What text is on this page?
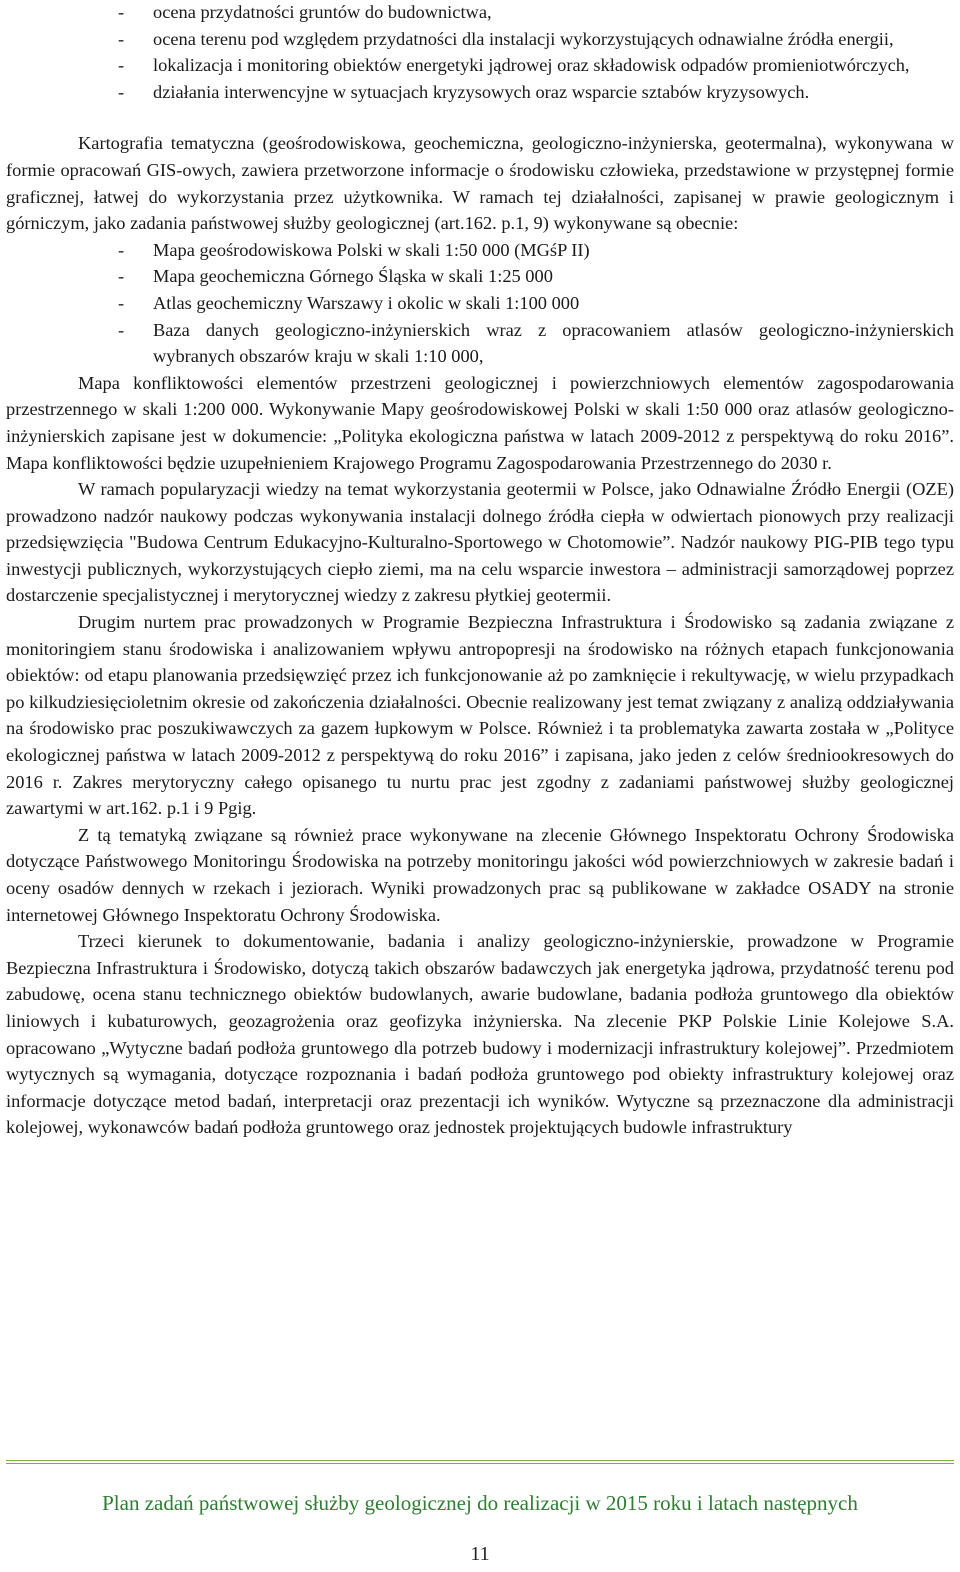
- ocena przydatności gruntów do budownictwa,
- ocena terenu pod względem przydatności dla instalacji wykorzystujących odnawialne źródła energii,
- lokalizacja i monitoring obiektów energetyki jądrowej oraz składowisk odpadów promieniotwórczych,
- działania interwencyjne w sytuacjach kryzysowych oraz wsparcie sztabów kryzysowych.

Kartografia tematyczna (geośrodowiskowa, geochemiczna, geologiczno-inżynierska, geotermalna), wykonywana w formie opracowań GIS-owych, zawiera przetworzone informacje o środowisku człowieka, przedstawione w przystępnej formie graficznej, łatwej do wykorzystania przez użytkownika. W ramach tej działalności, zapisanej w prawie geologicznym i górniczym, jako zadania państwowej służby geologicznej (art.162. p.1, 9) wykonywane są obecnie:

- Mapa geośrodowiskowa Polski w skali 1:50 000 (MGśP II)
- Mapa geochemiczna Górnego Śląska w skali 1:25 000
- Atlas geochemiczny Warszawy i okolic w skali 1:100 000
- Baza danych geologiczno-inżynierskich wraz z opracowaniem atlasów geologiczno-inżynierskich wybranych obszarów kraju w skali 1:10 000,

Mapa konfliktowości elementów przestrzeni geologicznej i powierzchniowych elementów zagospodarowania przestrzennego w skali 1:200 000. Wykonywanie Mapy geośrodowiskowej Polski w skali 1:50 000 oraz atlasów geologiczno-inżynierskich zapisane jest w dokumencie: „Polityka ekologiczna państwa w latach 2009-2012 z perspektywą do roku 2016”. Mapa konfliktowości będzie uzupełnieniem Krajowego Programu Zagospodarowania Przestrzennego do 2030 r.

W ramach popularyzacji wiedzy na temat wykorzystania geotermii w Polsce, jako Odnawialne Źródło Energii (OZE) prowadzono nadzór naukowy podczas wykonywania instalacji dolnego źródła ciepła w odwiertach pionowych przy realizacji przedsięwzięcia "Budowa Centrum Edukacyjno-Kulturalno-Sportowego w Chotomowie”. Nadzór naukowy PIG-PIB tego typu inwestycji publicznych, wykorzystujących ciepło ziemi, ma na celu wsparcie inwestora – administracji samorządowej poprzez dostarczenie specjalistycznej i merytorycznej wiedzy z zakresu płytkiej geotermii.

Drugim nurtem prac prowadzonych w Programie Bezpieczna Infrastruktura i Środowisko są zadania związane z monitoringiem stanu środowiska i analizowaniem wpływu antropopresji na środowisko na różnych etapach funkcjonowania obiektów: od etapu planowania przedsięwzięć przez ich funkcjonowanie aż po zamknięcie i rekultywację, w wielu przypadkach po kilkudziesięcioletnim okresie od zakończenia działalności. Obecnie realizowany jest temat związany z analizą oddziaływania na środowisko prac poszukiwawczych za gazem łupkowym w Polsce. Również i ta problematyka zawarta została w „Polityce ekologicznej państwa w latach 2009-2012 z perspektywą do roku 2016” i zapisana, jako jeden z celów średniookresowych do 2016 r. Zakres merytoryczny całego opisanego tu nurtu prac jest zgodny z zadaniami państwowej służby geologicznej zawartymi w art.162. p.1 i 9 Pgig.

Z tą tematyką związane są również prace wykonywane na zlecenie Głównego Inspektoratu Ochrony Środowiska dotyczące Państwowego Monitoringu Środowiska na potrzeby monitoringu jakości wód powierzchniowych w zakresie badań i oceny osadów dennych w rzekach i jeziorach. Wyniki prowadzonych prac są publikowane w zakładce OSADY na stronie internetowej Głównego Inspektoratu Ochrony Środowiska.

Trzeci kierunek to dokumentowanie, badania i analizy geologiczno-inżynierskie, prowadzone w Programie Bezpieczna Infrastruktura i Środowisko, dotyczą takich obszarów badawczych jak energetyka jądrowa, przydatność terenu pod zabudowę, ocena stanu technicznego obiektów budowlanych, awarie budowlane, badania podłoża gruntowego dla obiektów liniowych i kubaturowych, geozagrożenia oraz geofizyka inżynierska. Na zlecenie PKP Polskie Linie Kolejowe S.A. opracowano „Wytyczne badań podłoża gruntowego dla potrzeb budowy i modernizacji infrastruktury kolejowej”. Przedmiotem wytycznych są wymagania, dotyczące rozpoznania i badań podłoża gruntowego pod obiekty infrastruktury kolejowej oraz informacje dotyczące metod badań, interpretacji oraz prezentacji ich wyników. Wytyczne są przeznaczone dla administracji kolejowej, wykonawców badań podłoża gruntowego oraz jednostek projektujących budowle infrastruktury

Plan zadań państwowej służby geologicznej do realizacji w 2015 roku i latach następnych
11
